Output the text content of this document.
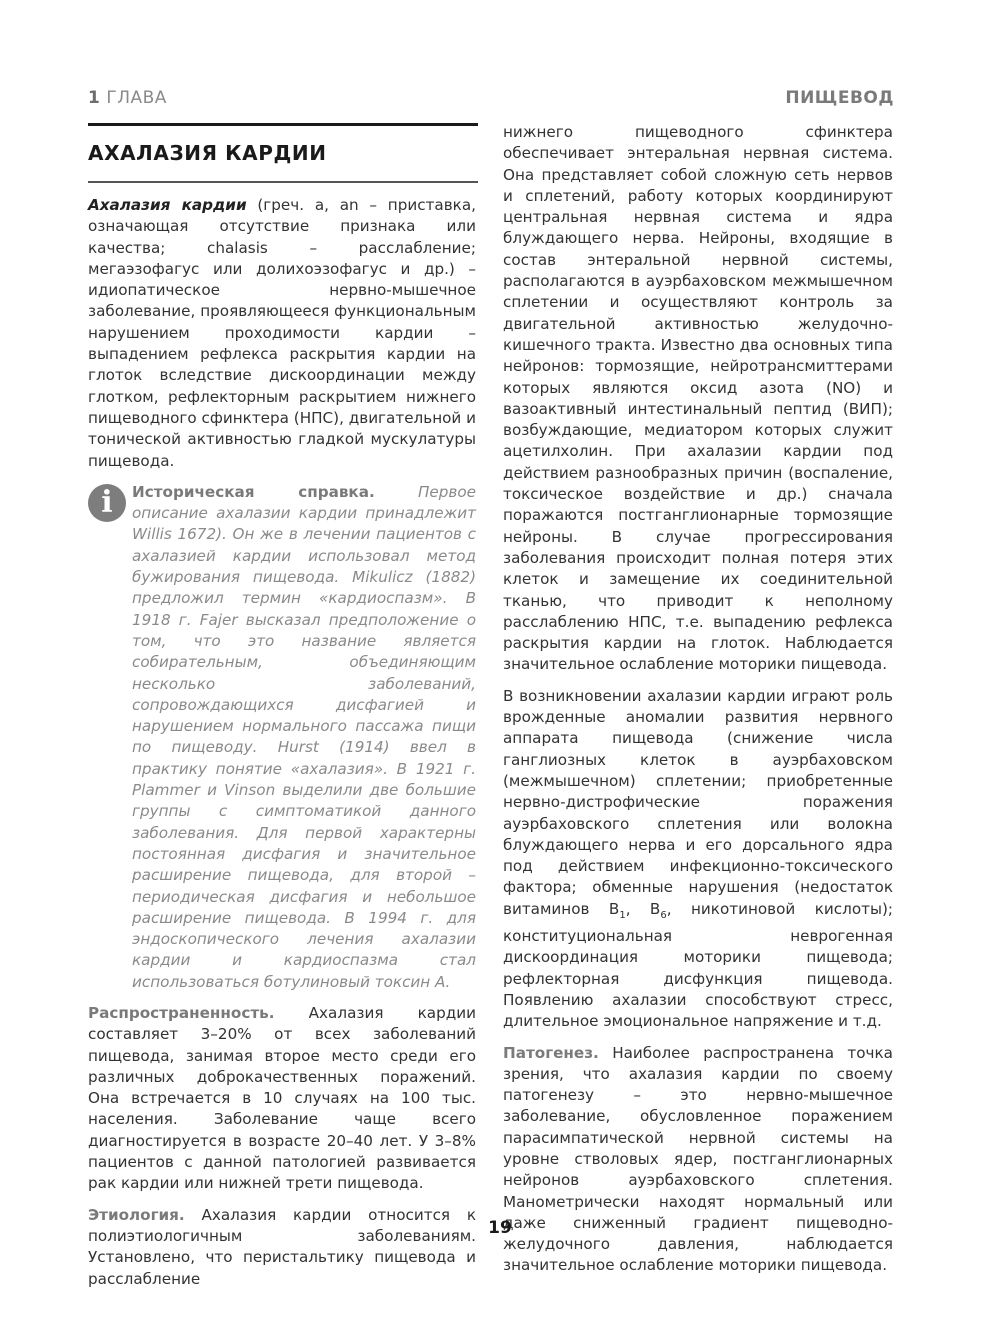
1 ГЛАВА	ПИЩЕВОД
АХАЛАЗИЯ КАРДИИ

Ахалазия кардии (греч. a, an – приставка, означающая отсутствие признака или качества; chalasis – расслабление; мегаэзофагус или долихоэзофагус и др.) – идиопатическое нервно-мышечное заболевание, проявляющееся функциональным нарушением проходимости кардии – выпадением рефлекса раскрытия кардии на глоток вследствие дискоординации между глотком, рефлекторным раскрытием нижнего пищеводного сфинктера (НПС), двигательной и тонической активностью гладкой мускулатуры пищевода.

i	Историческая справка. Первое описание ахалазии кардии принадлежит Willis 1672). Он же в лечении пациентов с ахалазией кардии использовал метод бужирования пищевода. Mikulicz (1882) предложил термин «кардиоспазм». В 1918 г. Fajer высказал предположение о том, что это название является собирательным, объединяющим несколько заболеваний, сопровождающихся дисфагией и нарушением нормального пассажа пищи по пищеводу. Hurst (1914) ввел в практику понятие «ахалазия». В 1921 г. Plammer и Vinson выделили две большие группы с симптоматикой данного заболевания. Для первой характерны постоянная дисфагия и значительное расширение пищевода, для второй – периодическая дисфагия и небольшое расширение пищевода. В 1994 г. для эндоскопического лечения ахалазии кардии и кардиоспазма стал использоваться ботулиновый токсин А.

Распространенность. Ахалазия кардии составляет 3–20% от всех заболеваний пищевода, занимая второе место среди его различных доброкачественных поражений. Она встречается в 10 случаях на 100 тыс. населения. Заболевание чаще всего диагностируется в возрасте 20–40 лет. У 3–8% пациентов с данной патологией развивается рак кардии или нижней трети пищевода.

Этиология. Ахалазия кардии относится к полиэтиологичным заболеваниям. Установлено, что перистальтику пищевода и расслабление

нижнего пищеводного сфинктера обеспечивает энтеральная нервная система. Она представляет собой сложную сеть нервов и сплетений, работу которых координируют центральная нервная система и ядра блуждающего нерва. Нейроны, входящие в состав энтеральной нервной системы, располагаются в ауэрбаховском межмышечном сплетении и осуществляют контроль за двигательной активностью желудочно-кишечного тракта. Известно два основных типа нейронов: тормозящие, нейротрансмиттерами которых являются оксид азота (NO) и вазоактивный интестинальный пептид (ВИП); возбуждающие, медиатором которых служит ацетилхолин. При ахалазии кардии под действием разнообразных причин (воспаление, токсическое воздействие и др.) сначала поражаются постганглионарные тормозящие нейроны. В случае прогрессирования заболевания происходит полная потеря этих клеток и замещение их соединительной тканью, что приводит к неполному расслаблению НПС, т.е. выпадению рефлекса раскрытия кардии на глоток. Наблюдается значительное ослабление моторики пищевода.

В возникновении ахалазии кардии играют роль врожденные аномалии развития нервного аппарата пищевода (снижение числа ганглиозных клеток в ауэрбаховском (межмышечном) сплетении; приобретенные нервно-дистрофические поражения ауэрбаховского сплетения или волокна блуждающего нерва и его дорсального ядра под действием инфекционно-токсического фактора; обменные нарушения (недостаток витаминов $B_1$, $B_6$, никотиновой кислоты); конституциональная неврогенная дискоординация моторики пищевода; рефлекторная дисфункция пищевода. Появлению ахалазии способствуют стресс, длительное эмоциональное напряжение и т.д.

Патогенез. Наиболее распространена точка зрения, что ахалазия кардии по своему патогенезу – это нервно-мышечное заболевание, обусловленное поражением парасимпатической нервной системы на уровне стволовых ядер, постганглионарных нейронов ауэрбаховского сплетения. Манометрически находят нормальный или даже сниженный градиент пищеводно-желудочного давления, наблюдается значительное ослабление моторики пищевода.

19
